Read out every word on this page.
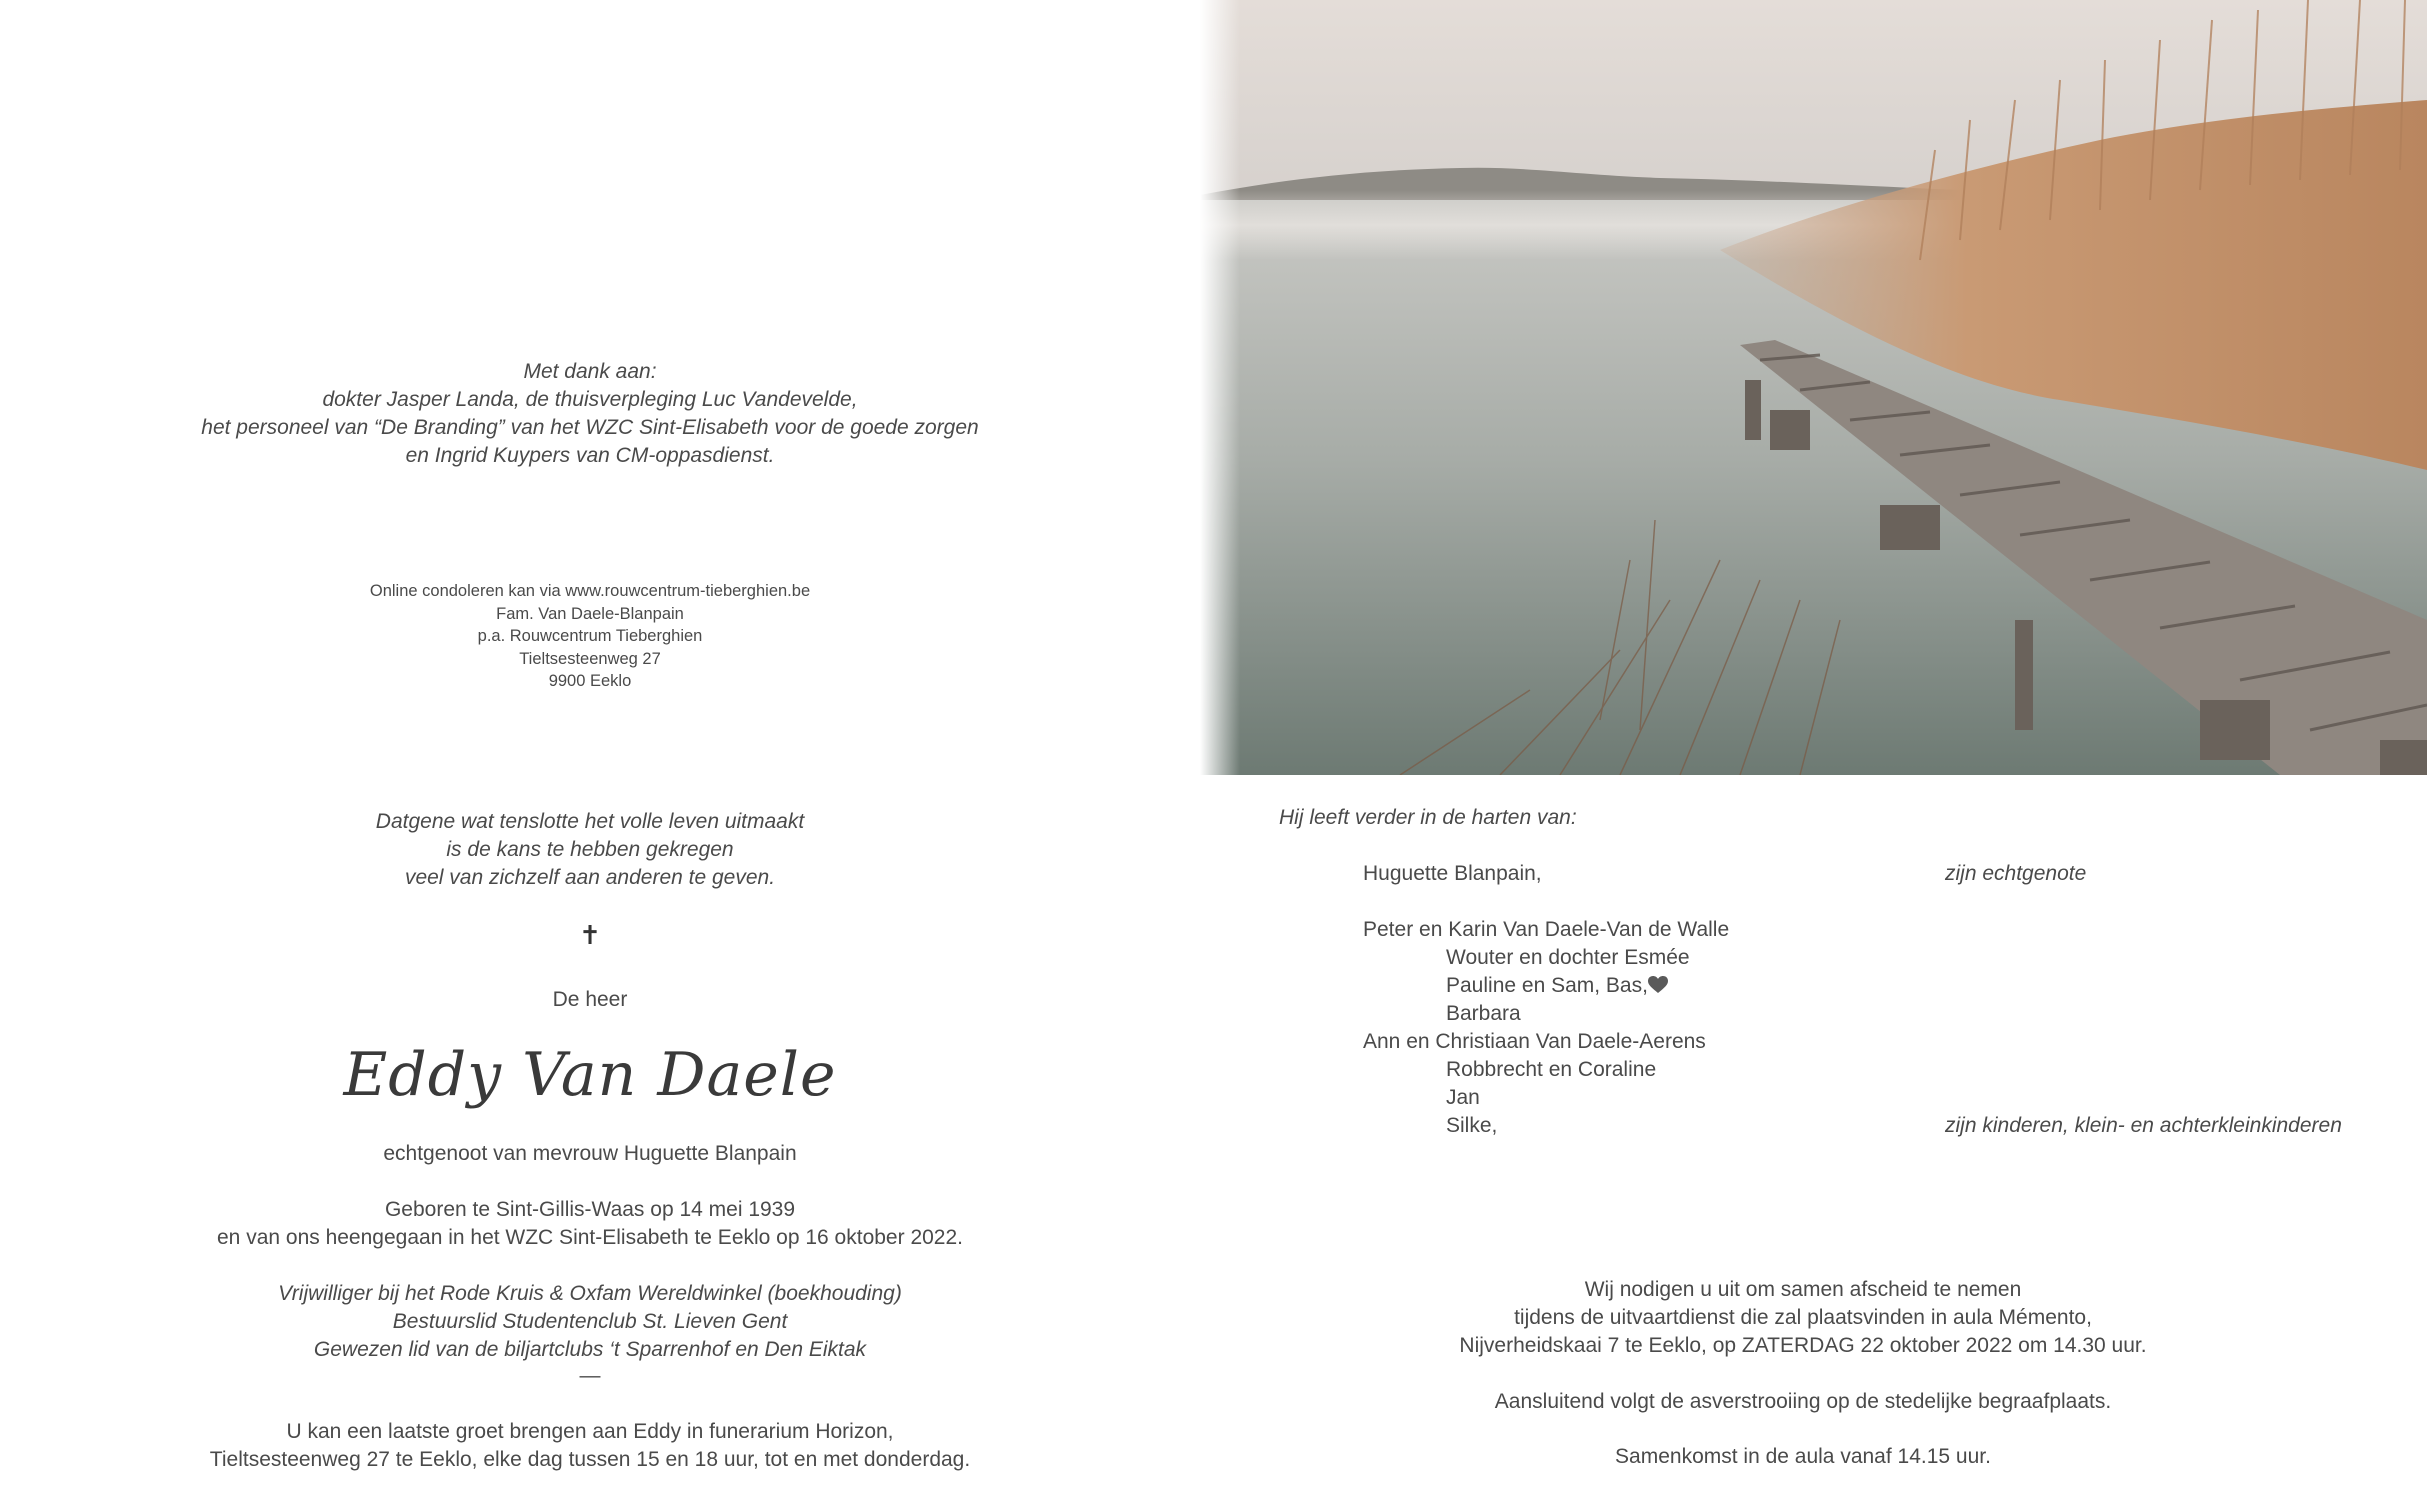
Met dank aan:
dokter Jasper Landa, de thuisverpleging Luc Vandevelde,
het personeel van “De Branding” van het WZC Sint-Elisabeth voor de goede zorgen
en Ingrid Kuypers van CM-oppasdienst.
Online condoleren kan via www.rouwcentrum-tieberghien.be
Fam. Van Daele-Blanpain
p.a. Rouwcentrum Tieberghien
Tieltsesteenweg 27
9900 Eeklo
Datgene wat tenslotte het volle leven uitmaakt
is de kans te hebben gekregen
veel van zichzelf aan anderen te geven.
✝
De heer
Eddy Van Daele
echtgenoot van mevrouw Huguette Blanpain
Geboren te Sint-Gillis-Waas op 14 mei 1939
en van ons heengegaan in het WZC Sint-Elisabeth te Eeklo op 16 oktober 2022.
Vrijwilliger bij het Rode Kruis & Oxfam Wereldwinkel (boekhouding)
Bestuurslid Studentenclub St. Lieven Gent
Gewezen lid van de biljartclubs ‘t Sparrenhof en Den Eiktak
—
U kan een laatste groet brengen aan Eddy in funerarium Horizon,
Tieltsesteenweg 27 te Eeklo, elke dag tussen 15 en 18 uur, tot en met donderdag.
Hij leeft verder in de harten van:
Huguette Blanpain,
Peter en Karin Van Daele-Van de Walle
Wouter en dochter Esmée
Pauline en Sam, Bas,
Barbara
Ann en Christiaan Van Daele-Aerens
Robbrecht en Coraline
Jan
Silke,
zijn echtgenote
zijn kinderen, klein- en achterkleinkinderen
Wij nodigen u uit om samen afscheid te nemen
tijdens de uitvaartdienst die zal plaatsvinden in aula Mémento,
Nijverheidskaai 7 te Eeklo, op ZATERDAG 22 oktober 2022 om 14.30 uur.
Aansluitend volgt de asverstrooiing op de stedelijke begraafplaats.
Samenkomst in de aula vanaf 14.15 uur.
